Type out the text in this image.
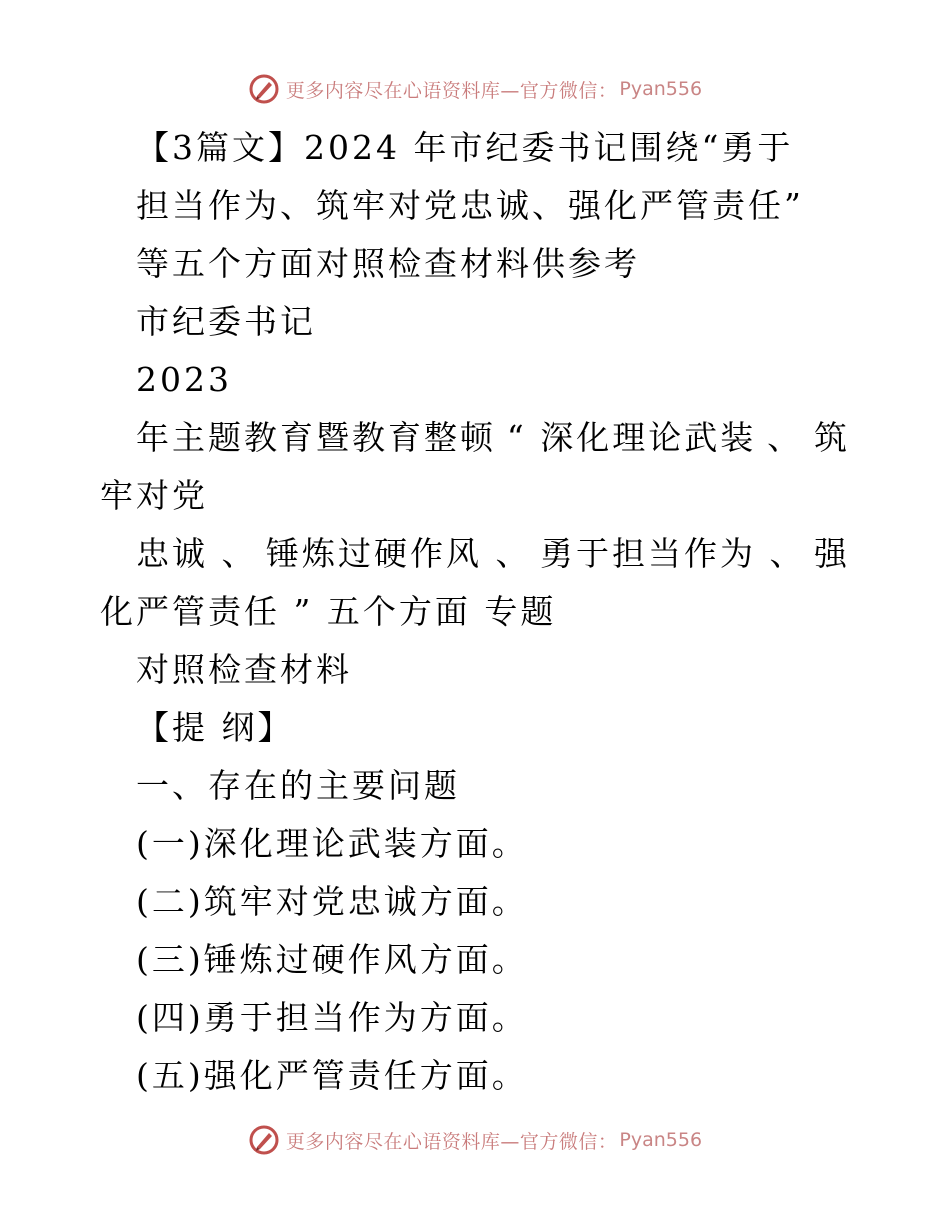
更多内容尽在心语资料库—官方微信： Pyan556
【3篇文】2024 年市纪委书记围绕“勇于
担当作为、筑牢对党忠诚、强化严管责任”
等五个方面对照检查材料供参考
市纪委书记
2023
年主题教育暨教育整顿 “ 深化理论武装 、 筑
牢对党
忠诚 、 锤炼过硬作风 、 勇于担当作为 、 强
化严管责任 ” 五个方面 专题
对照检查材料
【提 纲】
一、存在的主要问题
(一)深化理论武装方面。
(二)筑牢对党忠诚方面。
(三)锤炼过硬作风方面。
(四)勇于担当作为方面。
(五)强化严管责任方面。
更多内容尽在心语资料库—官方微信： Pyan556
